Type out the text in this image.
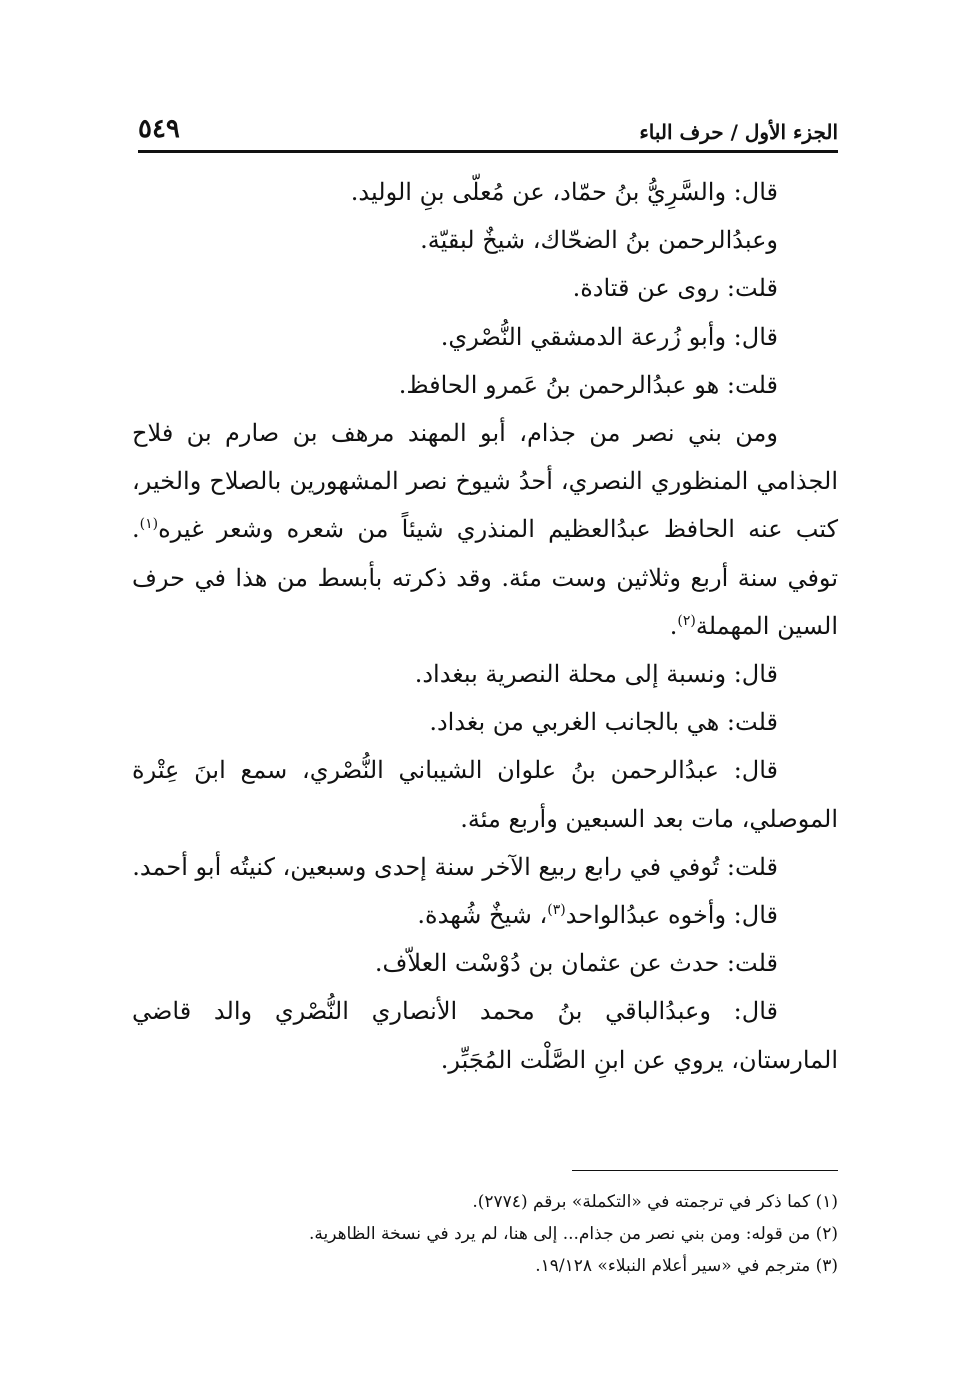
الجزء الأول / حرف الباء
٥٤٩

قال: والسَّرِيُّ بنُ حمّاد، عن مُعلّى بنِ الوليد.

وعبدُالرحمن بنُ الضحّاك، شيخٌ لبقيّة.

قلت: روى عن قتادة.

قال: وأبو زُرعة الدمشقي النُّصْري.

قلت: هو عبدُالرحمن بنُ عَمرو الحافظ.

ومن بني نصر من جذام، أبو المهند مرهف بن صارم بن فلاح الجذامي المنظوري النصري، أحدُ شيوخ نصر المشهورين بالصلاح والخير، كتب عنه الحافظ عبدُالعظيم المنذري شيئاً من شعره وشعر غيره$^{(١)}$. توفي سنة أربع وثلاثين وست مئة. وقد ذكرته بأبسط من هذا في حرف السين المهملة$^{(٢)}$.

قال: ونسبة إلى محلة النصرية ببغداد.

قلت: هي بالجانب الغربي من بغداد.

قال: عبدُالرحمن بنُ علوان الشيباني النُّصْري، سمع ابنَ عِتْرة الموصلي، مات بعد السبعين وأربع مئة.

قلت: تُوفي في رابع ربيع الآخر سنة إحدى وسبعين، كنيتُه أبو أحمد.

قال: وأخوه عبدُالواحد$^{(٣)}$، شيخٌ شُهدة.

قلت: حدث عن عثمان بن دُوْسْت العلاّف.

قال: وعبدُالباقي بنُ محمد الأنصاري النُّصْري والد قاضي المارستان، يروي عن ابنِ الصَّلْت المُجَبِّر.

(١) كما ذكر في ترجمته في «التكملة» برقم (٢٧٧٤).

(٢) من قوله: ومن بني نصر من جذام... إلى هنا، لم يرد في نسخة الظاهرية.

(٣) مترجم في «سير أعلام النبلاء» ١٩/١٢٨.
